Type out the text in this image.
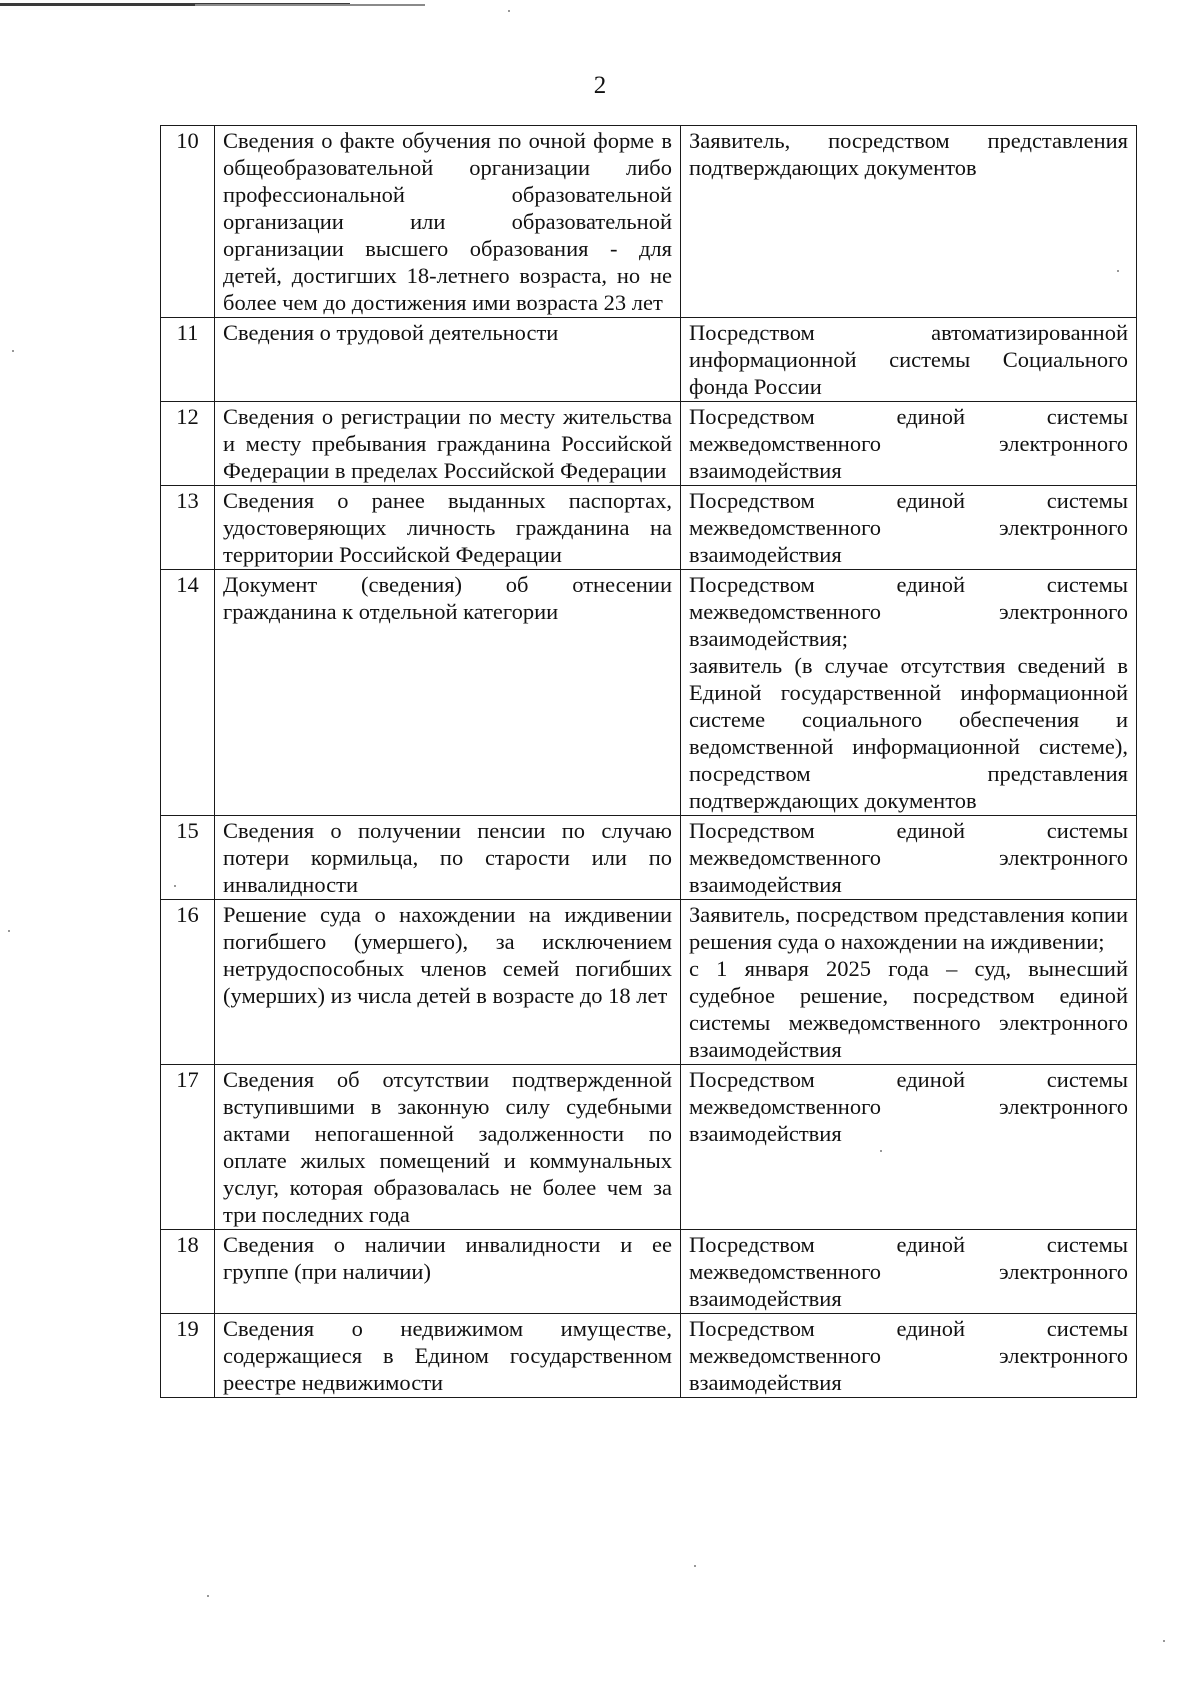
2
10	Сведения о факте обучения по очной форме в общеобразовательной организации либо профессиональной образовательной организации или образовательной организации высшего образования - для детей, достигших 18-летнего возраста, но не более чем до достижения ими возраста 23 лет	Заявитель, посредством представления подтверждающих документов
11	Сведения о трудовой деятельности	Посредством автоматизированной информационной системы Социального фонда России
12	Сведения о регистрации по месту жительства и месту пребывания гражданина Российской Федерации в пределах Российской Федерации	Посредством единой системы межведомственного электронного взаимодействия
13	Сведения о ранее выданных паспортах, удостоверяющих личность гражданина на территории Российской Федерации	Посредством единой системы межведомственного электронного взаимодействия
14	Документ (сведения) об отнесении гражданина к отдельной категории	Посредством единой системы межведомственного электронного взаимодействия;
заявитель (в случае отсутствия сведений в Единой государственной информационной системе социального обеспечения и ведомственной информационной системе), посредством представления подтверждающих документов
15	Сведения о получении пенсии по случаю потери кормильца, по старости или по инвалидности	Посредством единой системы межведомственного электронного взаимодействия
16	Решение суда о нахождении на иждивении погибшего (умершего), за исключением нетрудоспособных членов семей погибших (умерших) из числа детей в возрасте до 18 лет	Заявитель, посредством представления копии решения суда о нахождении на иждивении;
с 1 января 2025 года – суд, вынесший судебное решение, посредством единой системы межведомственного электронного взаимодействия
17	Сведения об отсутствии подтвержденной вступившими в законную силу судебными актами непогашенной задолженности по оплате жилых помещений и коммунальных услуг, которая образовалась не более чем за три последних года	Посредством единой системы межведомственного электронного взаимодействия
18	Сведения о наличии инвалидности и ее группе (при наличии)	Посредством единой системы межведомственного электронного взаимодействия
19	Сведения о недвижимом имуществе, содержащиеся в Едином государственном реестре недвижимости	Посредством единой системы межведомственного электронного взаимодействия
